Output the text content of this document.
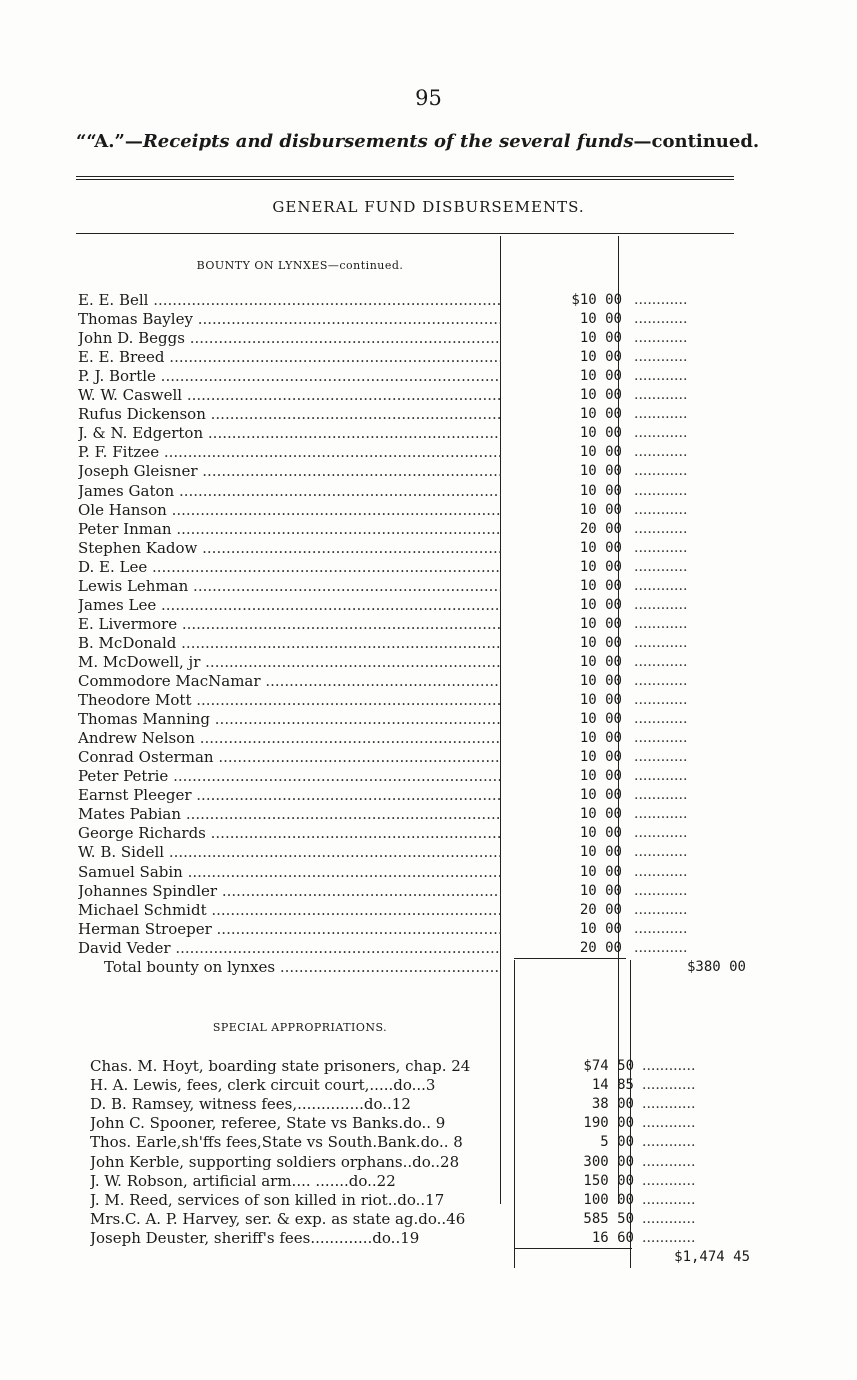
95
““A.”—Receipts and disbursements of the several funds—continued.
GENERAL FUND DISBURSEMENTS.
BOUNTY ON LYNXES—continued.
E. E. Bell .....	$10 00 ............
Thomas Bayley .....	10 00 ............
John D. Beggs .....	10 00 ............
E. E. Breed .....	10 00 ............
P. J. Bortle .....	10 00 ............
W. W. Caswell .....	10 00 ............
Rufus Dickenson .....	10 00 ............
J. & N. Edgerton .....	10 00 ............
P. F. Fitzee .....	10 00 ............
Joseph Gleisner .....	10 00 ............
James Gaton .....	10 00 ............
Ole Hanson .....	10 00 ............
Peter Inman .....	20 00 ............
Stephen Kadow .....	10 00 ............
D. E. Lee .....	10 00 ............
Lewis Lehman .....	10 00 ............
James Lee .....	10 00 ............
E. Livermore .....	10 00 ............
B. McDonald .....	10 00 ............
M. McDowell, jr .....	10 00 ............
Commodore MacNamar .....	10 00 ............
Theodore Mott .....	10 00 ............
Thomas Manning .....	10 00 ............
Andrew Nelson .....	10 00 ............
Conrad Osterman .....	10 00 ............
Peter Petrie .....	10 00 ............
Earnst Pleeger .....	10 00 ............
Mates Pabian .....	10 00 ............
George Richards .....	10 00 ............
W. B. Sidell .....	10 00 ............
Samuel Sabin .....	10 00 ............
Johannes Spindler .....	10 00 ............
Michael Schmidt .....	20 00 ............
Herman Stroeper .....	10 00 ............
David Veder .....	20 00 ............
Total bounty on lynxes .....	$380 00
SPECIAL APPROPRIATIONS.
Chas. M. Hoyt, boarding state prisoners, chap. 24	$74 50 ............
H. A. Lewis, fees, clerk circuit court,.....do...3	14 85 ............
D. B. Ramsey, witness fees,..............do..12	38 00 ............
John C. Spooner, referee, State vs Banks.do.. 9	190 00 ............
Thos. Earle,sh'ffs fees,State vs South.Bank.do.. 8	5 00 ............
John Kerble, supporting soldiers orphans..do..28	300 00 ............
J. W. Robson, artificial arm.... .......do..22	150 00 ............
J. M. Reed, services of son killed in riot..do..17	100 00 ............
Mrs.C. A. P. Harvey, ser. & exp. as state ag.do..46	585 50 ............
Joseph Deuster, sheriff's fees.............do..19	16 60 ............
$1,474 45
